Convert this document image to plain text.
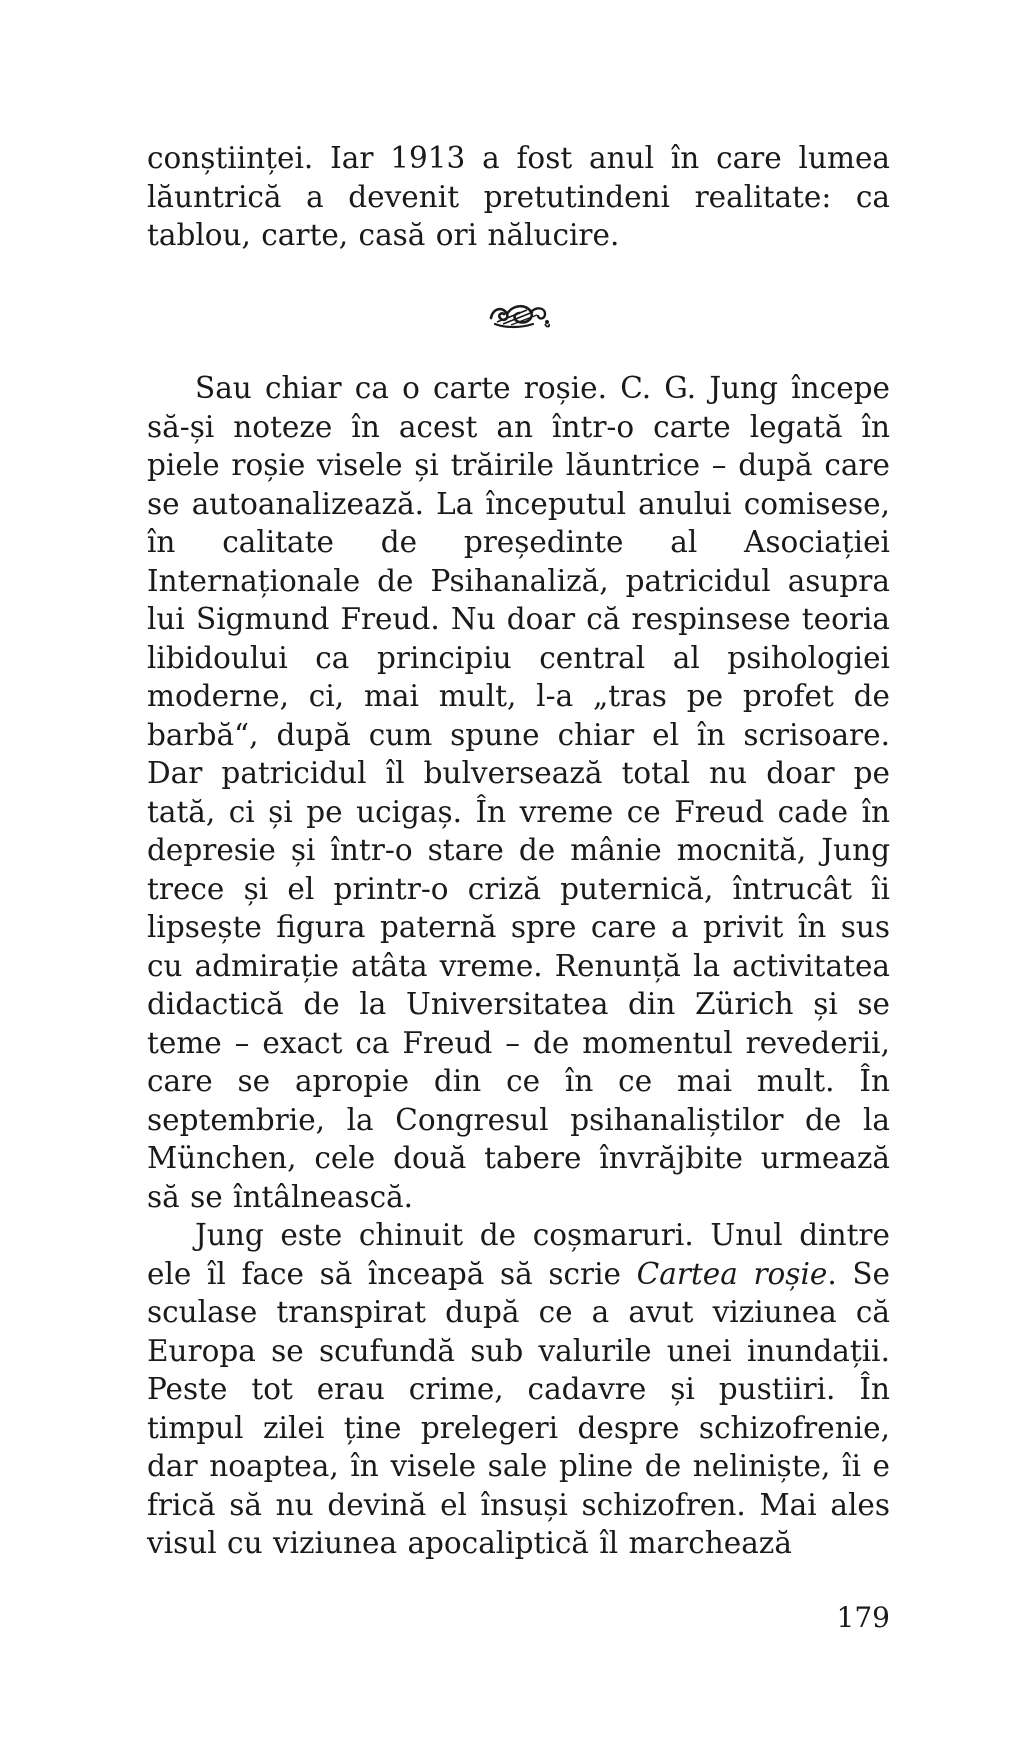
conștiinței. Iar 1913 a fost anul în care lumea lăuntrică a devenit pretutindeni realitate: ca tablou, carte, casă ori nălucire.

Sau chiar ca o carte roșie. C. G. Jung începe să-și noteze în acest an într-o carte legată în piele roșie visele și trăirile lăuntrice – după care se autoanalizează. La începutul anului comisese, în calitate de președinte al Asociației Internaționale de Psihanaliză, patricidul asupra lui Sigmund Freud. Nu doar că respinsese teoria libidoului ca principiu central al psihologiei moderne, ci, mai mult, l-a „tras pe profet de barbă“, după cum spune chiar el în scrisoare. Dar patricidul îl bulversează total nu doar pe tată, ci și pe ucigaș. În vreme ce Freud cade în depresie și într-o stare de mânie mocnită, Jung trece și el printr-o criză puternică, întrucât îi lipsește figura paternă spre care a privit în sus cu admirație atâta vreme. Renunță la activitatea didactică de la Universitatea din Zürich și se teme – exact ca Freud – de momentul revederii, care se apropie din ce în ce mai mult. În septembrie, la Congresul psihanaliștilor de la München, cele două tabere învrăjbite urmează să se întâlnească.

Jung este chinuit de coșmaruri. Unul dintre ele îl face să înceapă să scrie Cartea roșie. Se sculase transpirat după ce a avut viziunea că Europa se scufundă sub valurile unei inundații. Peste tot erau crime, cadavre și pustiiri. În timpul zilei ține prelegeri despre schizofrenie, dar noaptea, în visele sale pline de neliniște, îi e frică să nu devină el însuși schizofren. Mai ales visul cu viziunea apocaliptică îl marchează

179
